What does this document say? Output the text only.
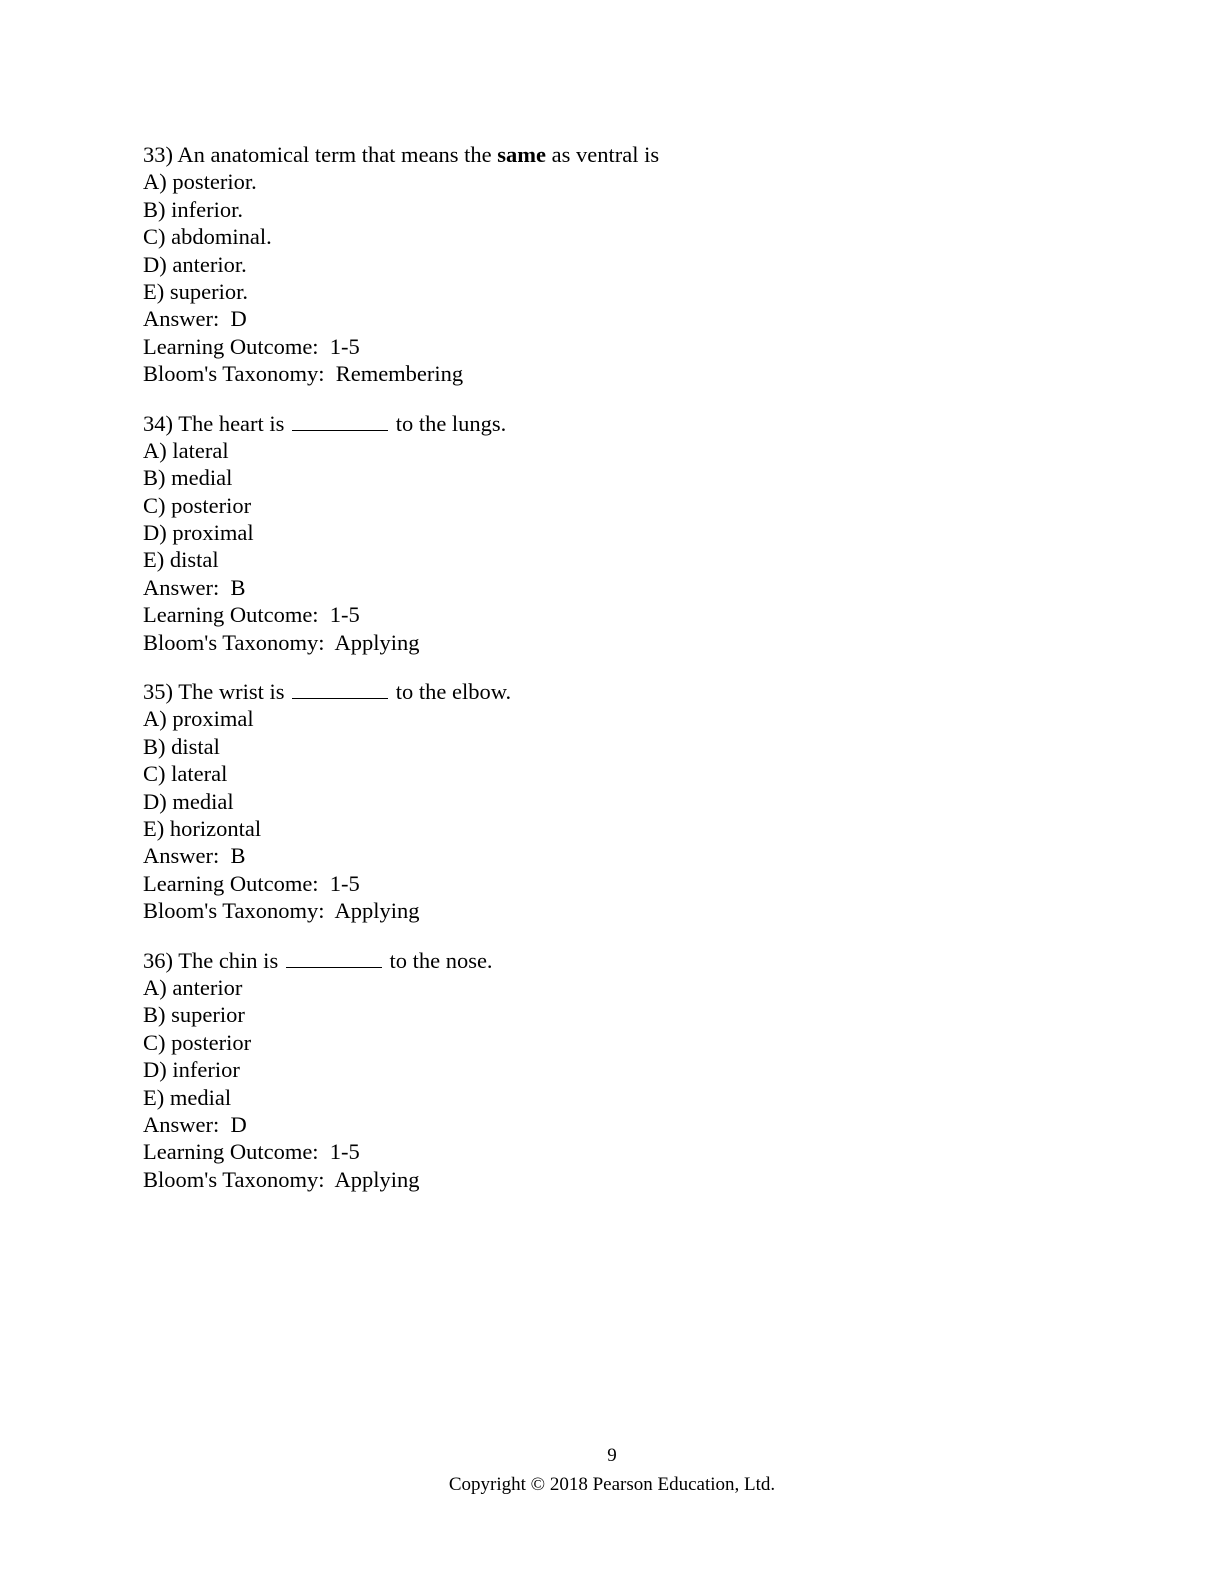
33) An anatomical term that means the same as ventral is
A) posterior.
B) inferior.
C) abdominal.
D) anterior.
E) superior.
Answer:  D
Learning Outcome:  1-5
Bloom's Taxonomy:  Remembering
34) The heart is	to the lungs.
A) lateral
B) medial
C) posterior
D) proximal
E) distal
Answer:  B
Learning Outcome:  1-5
Bloom's Taxonomy:  Applying
35) The wrist is	to the elbow.
A) proximal
B) distal
C) lateral
D) medial
E) horizontal
Answer:  B
Learning Outcome:  1-5
Bloom's Taxonomy:  Applying
36) The chin is	to the nose.
A) anterior
B) superior
C) posterior
D) inferior
E) medial
Answer:  D
Learning Outcome:  1-5
Bloom's Taxonomy:  Applying
9
Copyright © 2018 Pearson Education, Ltd.
